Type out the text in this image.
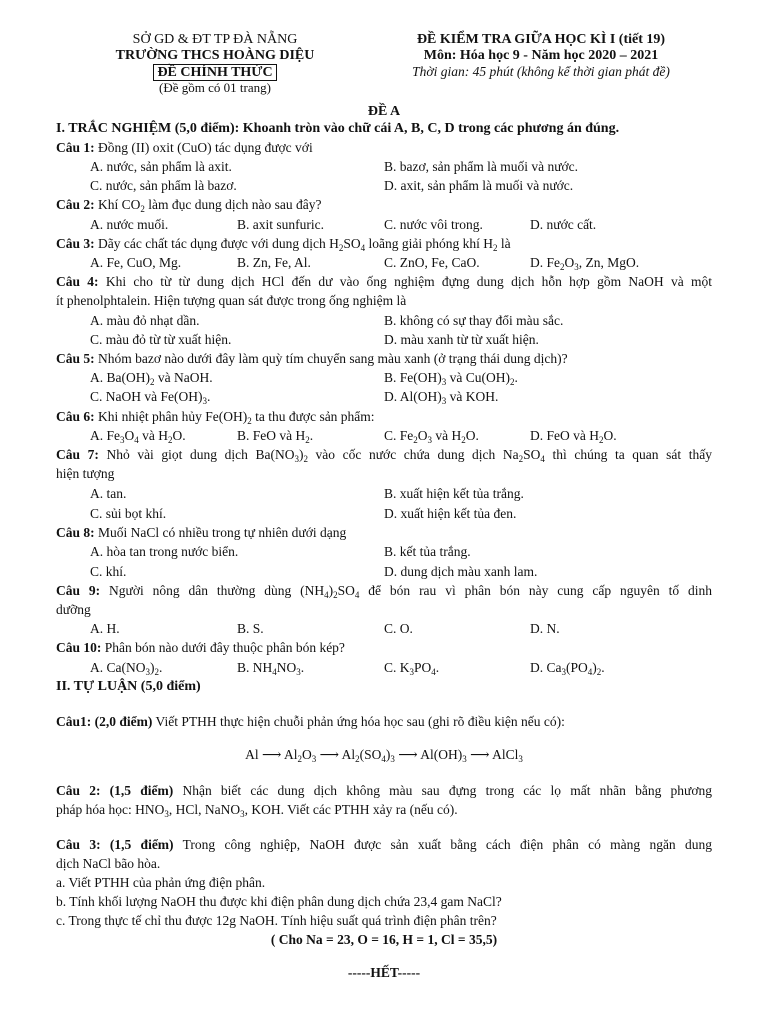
SỞ GD & ĐT TP ĐÀ NẴNG
TRƯỜNG THCS HOÀNG DIỆU
ĐỀ CHÍNH THỨC
(Đề gồm có 01 trang)
ĐỀ KIỂM TRA GIỮA HỌC KÌ I (tiết 19)
Môn: Hóa học 9 - Năm học 2020 – 2021
Thời gian: 45 phút (không kể thời gian phát đề)
ĐỀ A
I. TRẮC NGHIỆM (5,0 điểm): Khoanh tròn vào chữ cái A, B, C, D trong các phương án đúng.
Câu 1: Đồng (II) oxit (CuO) tác dụng được với
A. nước, sản phẩm là axit.	B. bazơ, sản phẩm là muối và nước.
C. nước, sản phẩm là bazơ.	D. axit, sản phẩm là muối và nước.
Câu 2: Khí $CO_2$ làm đục dung dịch nào sau đây?
A. nước muối.	B. axit sunfuric.	C. nước vôi trong.	D. nước cất.
Câu 3: Dãy các chất tác dụng được với dung dịch $H_2SO_4$ loãng giải phóng khí $H_2$ là
A. Fe, CuO, Mg.	B. Zn, Fe, Al.	C. ZnO, Fe, CaO.	D. $Fe_2O_3$, Zn, MgO.
Câu 4: Khi cho từ từ dung dịch HCl đến dư vào ống nghiệm đựng dung dịch hỗn hợp gồm NaOH và một
ít phenolphtalein. Hiện tượng quan sát được trong ống nghiệm là
A. màu đỏ nhạt dần.	B. không có sự thay đổi màu sắc.
C. màu đỏ từ từ xuất hiện.	D. màu xanh từ từ xuất hiện.
Câu 5: Nhóm bazơ nào dưới đây làm quỳ tím chuyển sang màu xanh (ở trạng thái dung dịch)?
A. $Ba(OH)_2$ và NaOH.	B. $Fe(OH)_3$ và $Cu(OH)_2$.
C. NaOH và $Fe(OH)_3$.	D. $Al(OH)_3$ và KOH.
Câu 6: Khi nhiệt phân hủy $Fe(OH)_2$ ta thu được sản phẩm:
A. $Fe_3O_4$ và $H_2O$.	B. FeO và $H_2$.	C. $Fe_2O_3$ và $H_2O$.	D. FeO và $H_2O$.
Câu 7: Nhỏ vài giọt dung dịch $Ba(NO_3)_2$ vào cốc nước chứa dung dịch $Na_2SO_4$ thì chúng ta quan sát thấy
hiện tượng
A. tan.	B. xuất hiện kết tủa trắng.
C. sủi bọt khí.	D. xuất hiện kết tủa đen.
Câu 8: Muối NaCl có nhiều trong tự nhiên dưới dạng
A. hòa tan trong nước biển.	B. kết tủa trắng.
C. khí.	D. dung dịch màu xanh lam.
Câu 9: Người nông dân thường dùng $(NH_4)_2SO_4$ để bón rau vì phân bón này cung cấp nguyên tố dinh
dưỡng
A. H.	B. S.	C. O.	D. N.
Câu 10: Phân bón nào dưới đây thuộc phân bón kép?
A. $Ca(NO_3)_2$.	B. $NH_4NO_3$.	C. $K_3PO_4$.	D. $Ca_3(PO_4)_2$.
II. TỰ LUẬN (5,0 điểm)
Câu1: (2,0 điểm) Viết PTHH thực hiện chuỗi phản ứng hóa học sau (ghi rõ điều kiện nếu có):
Al ⟶ $Al_2O_3$ ⟶ $Al_2(SO_4)_3$ ⟶ $Al(OH)_3$ ⟶ AlCl$_3$
Câu 2: (1,5 điểm) Nhận biết các dung dịch không màu sau đựng trong các lọ mất nhãn bằng phương
pháp hóa học: $HNO_3$, HCl, NaNO$_3$, KOH. Viết các PTHH xảy ra (nếu có).
Câu 3: (1,5 điểm) Trong công nghiệp, NaOH được sản xuất bằng cách điện phân có màng ngăn dung
dịch NaCl bão hòa.
a. Viết PTHH của phản ứng điện phân.
b. Tính khối lượng NaOH thu được khi điện phân dung dịch chứa 23,4 gam NaCl?
c. Trong thực tế chỉ thu được 12g NaOH. Tính hiệu suất quá trình điện phân trên?
( Cho Na = 23, O = 16, H = 1, Cl = 35,5)
-----HẾT-----
